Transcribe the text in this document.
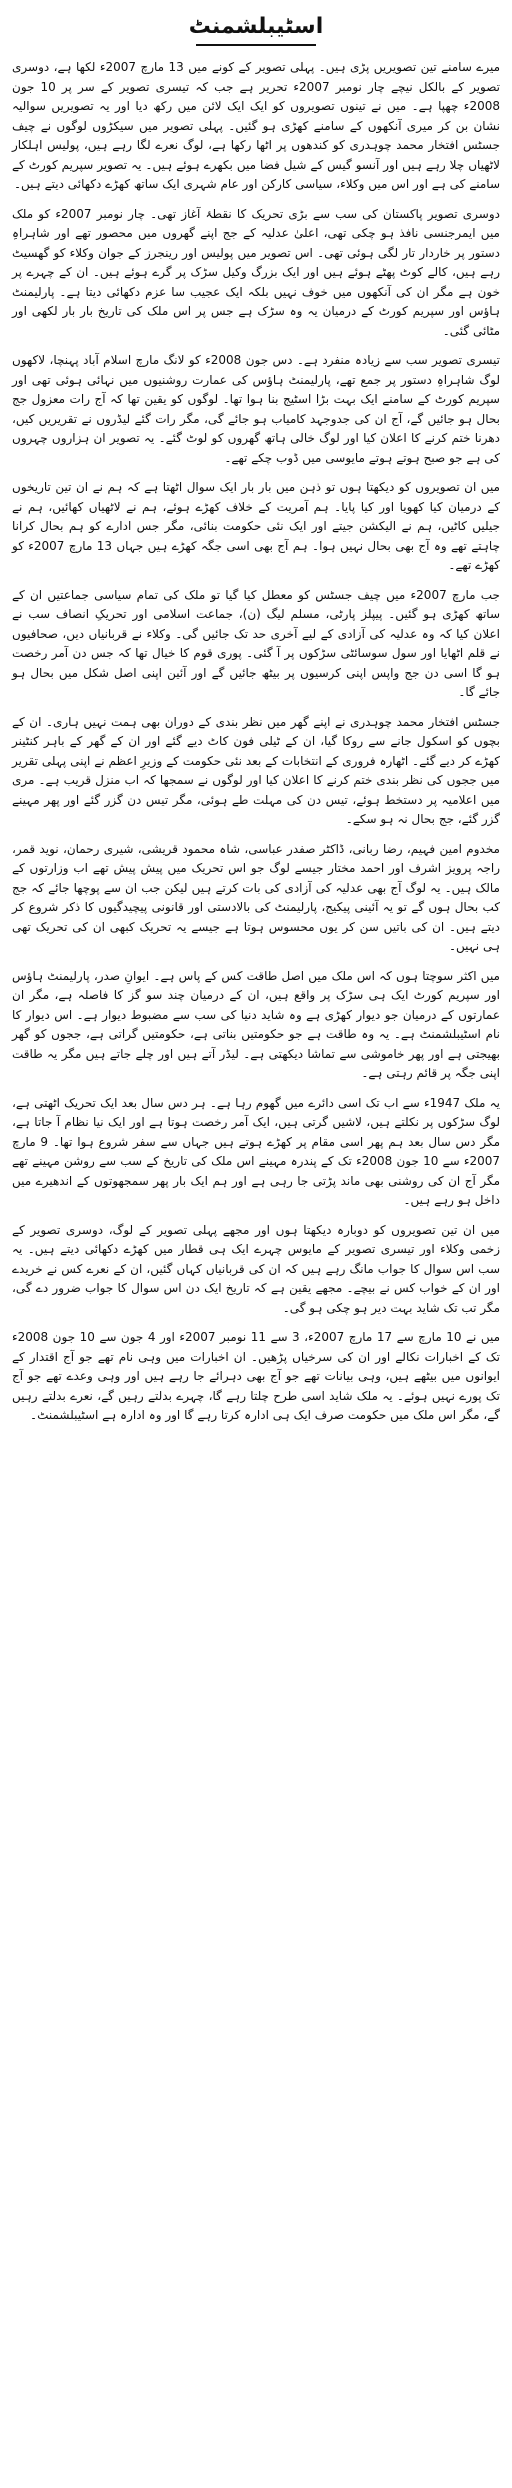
اسٹیبلشمنٹ

میرے سامنے تین تصویریں پڑی ہیں۔ پہلی تصویر کے کونے میں 13 مارچ 2007ء لکھا ہے، دوسری تصویر کے بالکل نیچے چار نومبر 2007ء تحریر ہے جب کہ تیسری تصویر کے سر پر 10 جون 2008ء چھپا ہے۔ میں نے تینوں تصویروں کو ایک ایک لائن میں رکھ دیا اور یہ تصویریں سوالیہ نشان بن کر میری آنکھوں کے سامنے کھڑی ہو گئیں۔ پہلی تصویر میں سیکڑوں لوگوں نے چیف جسٹس افتخار محمد چوہدری کو کندھوں پر اٹھا رکھا ہے، لوگ نعرے لگا رہے ہیں، پولیس اہلکار لاٹھیاں چلا رہے ہیں اور آنسو گیس کے شیل فضا میں بکھرے ہوئے ہیں۔ یہ تصویر سپریم کورٹ کے سامنے کی ہے اور اس میں وکلاء، سیاسی کارکن اور عام شہری ایک ساتھ کھڑے دکھائی دیتے ہیں۔

دوسری تصویر پاکستان کی سب سے بڑی تحریک کا نقطۂ آغاز تھی۔ چار نومبر 2007ء کو ملک میں ایمرجنسی نافذ ہو چکی تھی، اعلیٰ عدلیہ کے جج اپنے گھروں میں محصور تھے اور شاہراہِ دستور پر خاردار تار لگی ہوئی تھی۔ اس تصویر میں پولیس اور رینجرز کے جوان وکلاء کو گھسیٹ رہے ہیں، کالے کوٹ پھٹے ہوئے ہیں اور ایک بزرگ وکیل سڑک پر گرے ہوئے ہیں۔ ان کے چہرے پر خون ہے مگر ان کی آنکھوں میں خوف نہیں بلکہ ایک عجیب سا عزم دکھائی دیتا ہے۔ پارلیمنٹ ہاؤس اور سپریم کورٹ کے درمیان یہ وہ سڑک ہے جس پر اس ملک کی تاریخ بار بار لکھی اور مٹائی گئی۔

تیسری تصویر سب سے زیادہ منفرد ہے۔ دس جون 2008ء کو لانگ مارچ اسلام آباد پہنچا، لاکھوں لوگ شاہراہِ دستور پر جمع تھے، پارلیمنٹ ہاؤس کی عمارت روشنیوں میں نہائی ہوئی تھی اور سپریم کورٹ کے سامنے ایک بہت بڑا اسٹیج بنا ہوا تھا۔ لوگوں کو یقین تھا کہ آج رات معزول جج بحال ہو جائیں گے، آج ان کی جدوجہد کامیاب ہو جائے گی، مگر رات گئے لیڈروں نے تقریریں کیں، دھرنا ختم کرنے کا اعلان کیا اور لوگ خالی ہاتھ گھروں کو لوٹ گئے۔ یہ تصویر ان ہزاروں چہروں کی ہے جو صبح ہوتے ہوتے مایوسی میں ڈوب چکے تھے۔

میں ان تصویروں کو دیکھتا ہوں تو ذہن میں بار بار ایک سوال اٹھتا ہے کہ ہم نے ان تین تاریخوں کے درمیان کیا کھویا اور کیا پایا۔ ہم آمریت کے خلاف کھڑے ہوئے، ہم نے لاٹھیاں کھائیں، ہم نے جیلیں کاٹیں، ہم نے الیکشن جیتے اور ایک نئی حکومت بنائی، مگر جس ادارے کو ہم بحال کرانا چاہتے تھے وہ آج بھی بحال نہیں ہوا۔ ہم آج بھی اسی جگہ کھڑے ہیں جہاں 13 مارچ 2007ء کو کھڑے تھے۔

جب مارچ 2007ء میں چیف جسٹس کو معطل کیا گیا تو ملک کی تمام سیاسی جماعتیں ان کے ساتھ کھڑی ہو گئیں۔ پیپلز پارٹی، مسلم لیگ (ن)، جماعت اسلامی اور تحریکِ انصاف سب نے اعلان کیا کہ وہ عدلیہ کی آزادی کے لیے آخری حد تک جائیں گی۔ وکلاء نے قربانیاں دیں، صحافیوں نے قلم اٹھایا اور سول سوسائٹی سڑکوں پر آ گئی۔ پوری قوم کا خیال تھا کہ جس دن آمر رخصت ہو گا اسی دن جج واپس اپنی کرسیوں پر بیٹھ جائیں گے اور آئین اپنی اصل شکل میں بحال ہو جائے گا۔

جسٹس افتخار محمد چوہدری نے اپنے گھر میں نظر بندی کے دوران بھی ہمت نہیں ہاری۔ ان کے بچوں کو اسکول جانے سے روکا گیا، ان کے ٹیلی فون کاٹ دیے گئے اور ان کے گھر کے باہر کنٹینر کھڑے کر دیے گئے۔ اٹھارہ فروری کے انتخابات کے بعد نئی حکومت کے وزیرِ اعظم نے اپنی پہلی تقریر میں ججوں کی نظر بندی ختم کرنے کا اعلان کیا اور لوگوں نے سمجھا کہ اب منزل قریب ہے۔ مری میں اعلامیہ پر دستخط ہوئے، تیس دن کی مہلت طے ہوئی، مگر تیس دن گزر گئے اور پھر مہینے گزر گئے، جج بحال نہ ہو سکے۔

مخدوم امین فہیم، رضا ربانی، ڈاکٹر صفدر عباسی، شاہ محمود قریشی، شیری رحمان، نوید قمر، راجہ پرویز اشرف اور احمد مختار جیسے لوگ جو اس تحریک میں پیش پیش تھے اب وزارتوں کے مالک ہیں۔ یہ لوگ آج بھی عدلیہ کی آزادی کی بات کرتے ہیں لیکن جب ان سے پوچھا جائے کہ جج کب بحال ہوں گے تو یہ آئینی پیکیج، پارلیمنٹ کی بالادستی اور قانونی پیچیدگیوں کا ذکر شروع کر دیتے ہیں۔ ان کی باتیں سن کر یوں محسوس ہوتا ہے جیسے یہ تحریک کبھی ان کی تحریک تھی ہی نہیں۔

میں اکثر سوچتا ہوں کہ اس ملک میں اصل طاقت کس کے پاس ہے۔ ایوانِ صدر، پارلیمنٹ ہاؤس اور سپریم کورٹ ایک ہی سڑک پر واقع ہیں، ان کے درمیان چند سو گز کا فاصلہ ہے، مگر ان عمارتوں کے درمیان جو دیوار کھڑی ہے وہ شاید دنیا کی سب سے مضبوط دیوار ہے۔ اس دیوار کا نام اسٹیبلشمنٹ ہے۔ یہ وہ طاقت ہے جو حکومتیں بناتی ہے، حکومتیں گراتی ہے، ججوں کو گھر بھیجتی ہے اور پھر خاموشی سے تماشا دیکھتی ہے۔ لیڈر آتے ہیں اور چلے جاتے ہیں مگر یہ طاقت اپنی جگہ پر قائم رہتی ہے۔

یہ ملک 1947ء سے اب تک اسی دائرے میں گھوم رہا ہے۔ ہر دس سال بعد ایک تحریک اٹھتی ہے، لوگ سڑکوں پر نکلتے ہیں، لاشیں گرتی ہیں، ایک آمر رخصت ہوتا ہے اور ایک نیا نظام آ جاتا ہے، مگر دس سال بعد ہم پھر اسی مقام پر کھڑے ہوتے ہیں جہاں سے سفر شروع ہوا تھا۔ 9 مارچ 2007ء سے 10 جون 2008ء تک کے پندرہ مہینے اس ملک کی تاریخ کے سب سے روشن مہینے تھے مگر آج ان کی روشنی بھی ماند پڑتی جا رہی ہے اور ہم ایک بار پھر سمجھوتوں کے اندھیرے میں داخل ہو رہے ہیں۔

میں ان تین تصویروں کو دوبارہ دیکھتا ہوں اور مجھے پہلی تصویر کے لوگ، دوسری تصویر کے زخمی وکلاء اور تیسری تصویر کے مایوس چہرے ایک ہی قطار میں کھڑے دکھائی دیتے ہیں۔ یہ سب اس سوال کا جواب مانگ رہے ہیں کہ ان کی قربانیاں کہاں گئیں، ان کے نعرے کس نے خریدے اور ان کے خواب کس نے بیچے۔ مجھے یقین ہے کہ تاریخ ایک دن اس سوال کا جواب ضرور دے گی، مگر تب تک شاید بہت دیر ہو چکی ہو گی۔

میں نے 10 مارچ سے 17 مارچ 2007ء، 3 سے 11 نومبر 2007ء اور 4 جون سے 10 جون 2008ء تک کے اخبارات نکالے اور ان کی سرخیاں پڑھیں۔ ان اخبارات میں وہی نام تھے جو آج اقتدار کے ایوانوں میں بیٹھے ہیں، وہی بیانات تھے جو آج بھی دہرائے جا رہے ہیں اور وہی وعدے تھے جو آج تک پورے نہیں ہوئے۔ یہ ملک شاید اسی طرح چلتا رہے گا، چہرے بدلتے رہیں گے، نعرے بدلتے رہیں گے، مگر اس ملک میں حکومت صرف ایک ہی ادارہ کرتا رہے گا اور وہ ادارہ ہے اسٹیبلشمنٹ۔
